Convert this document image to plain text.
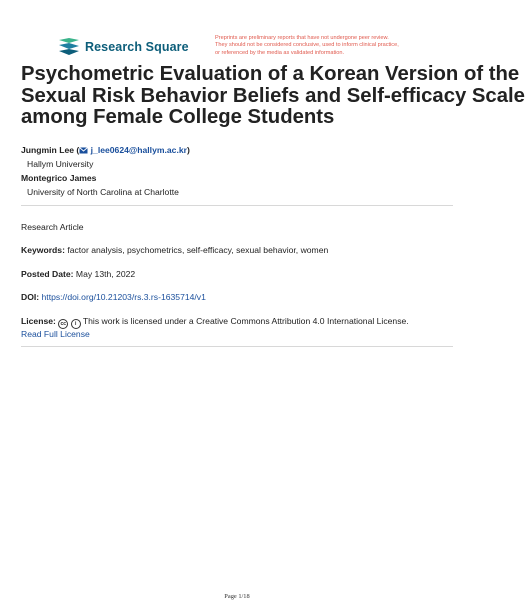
Research Square
Preprints are preliminary reports that have not undergone peer review.
They should not be considered conclusive, used to inform clinical practice,
or referenced by the media as validated information.
Psychometric Evaluation of a Korean Version of the
Sexual Risk Behavior Beliefs and Self-efficacy Scale
among Female College Students
Jungmin Lee ( j_lee0624@hallym.ac.kr)
Hallym University
Montegrico James
University of North Carolina at Charlotte
Research Article
Keywords: factor analysis, psychometrics, self-efficacy, sexual behavior, women
Posted Date: May 13th, 2022
DOI: https://doi.org/10.21203/rs.3.rs-1635714/v1
License: cc i This work is licensed under a Creative Commons Attribution 4.0 International License.
Read Full License
Page 1/18
